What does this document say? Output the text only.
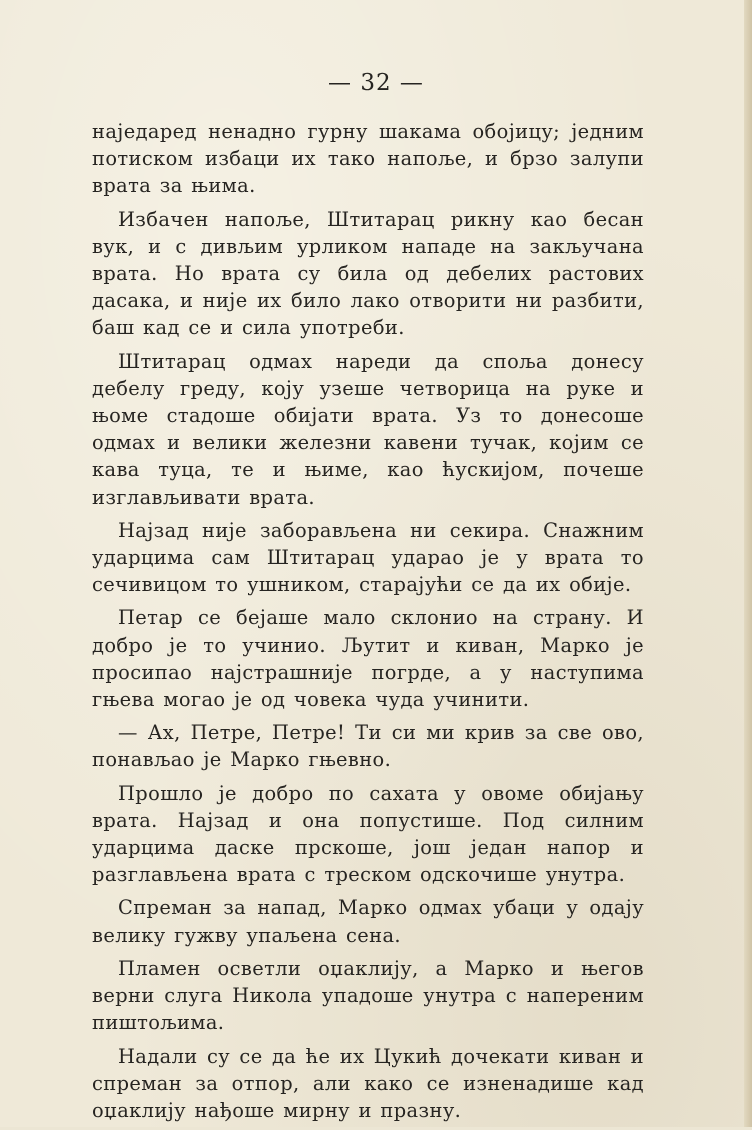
— 32 —

наједаред ненадно гурну шакама обојицу; једним потиском избаци их тако напоље, и брзо залупи врата за њима.

Избачен напоље, Штитарац рикну као бесан вук, и с дивљим урликом нападе на закључана врата. Но врата су била од дебелих растових дасака, и није их било лако отворити ни разбити, баш кад се и сила употреби.

Штитарац одмах нареди да споља донесу дебелу греду, коју узеше четворица на руке и њоме стадоше обијати врата. Уз то донесоше одмах и велики железни кавени тучак, којим се кава туца, те и њиме, као ћускијом, почеше изглављивати врата.

Најзад није заборављена ни секира. Снажним ударцима сам Штитарац ударао је у врата то сечивицом то ушником, старајући се да их обије.

Петар се бејаше мало склонио на страну. И добро је то учинио. Љутит и киван, Марко је просипао најстрашније погрде, а у наступима гњева могао је од човека чуда учинити.

— Ах, Петре, Петре! Ти си ми крив за све ово, понављао је Марко гњевно.

Прошло је добро по сахата у овоме обијању врата. Најзад и она попустише. Под силним ударцима даске прскоше, још један напор и разглављена врата с треском одскочише унутра.

Спреман за напад, Марко одмах убаци у одају велику гужву упаљена сена.

Пламен осветли оџаклију, а Марко и његов верни слуга Никола упадоше унутра с напереним пиштољима.

Надали су се да ће их Цукић дочекати киван и спреман за отпор, али како се изненадише кад оџаклију нађоше мирну и празну.
